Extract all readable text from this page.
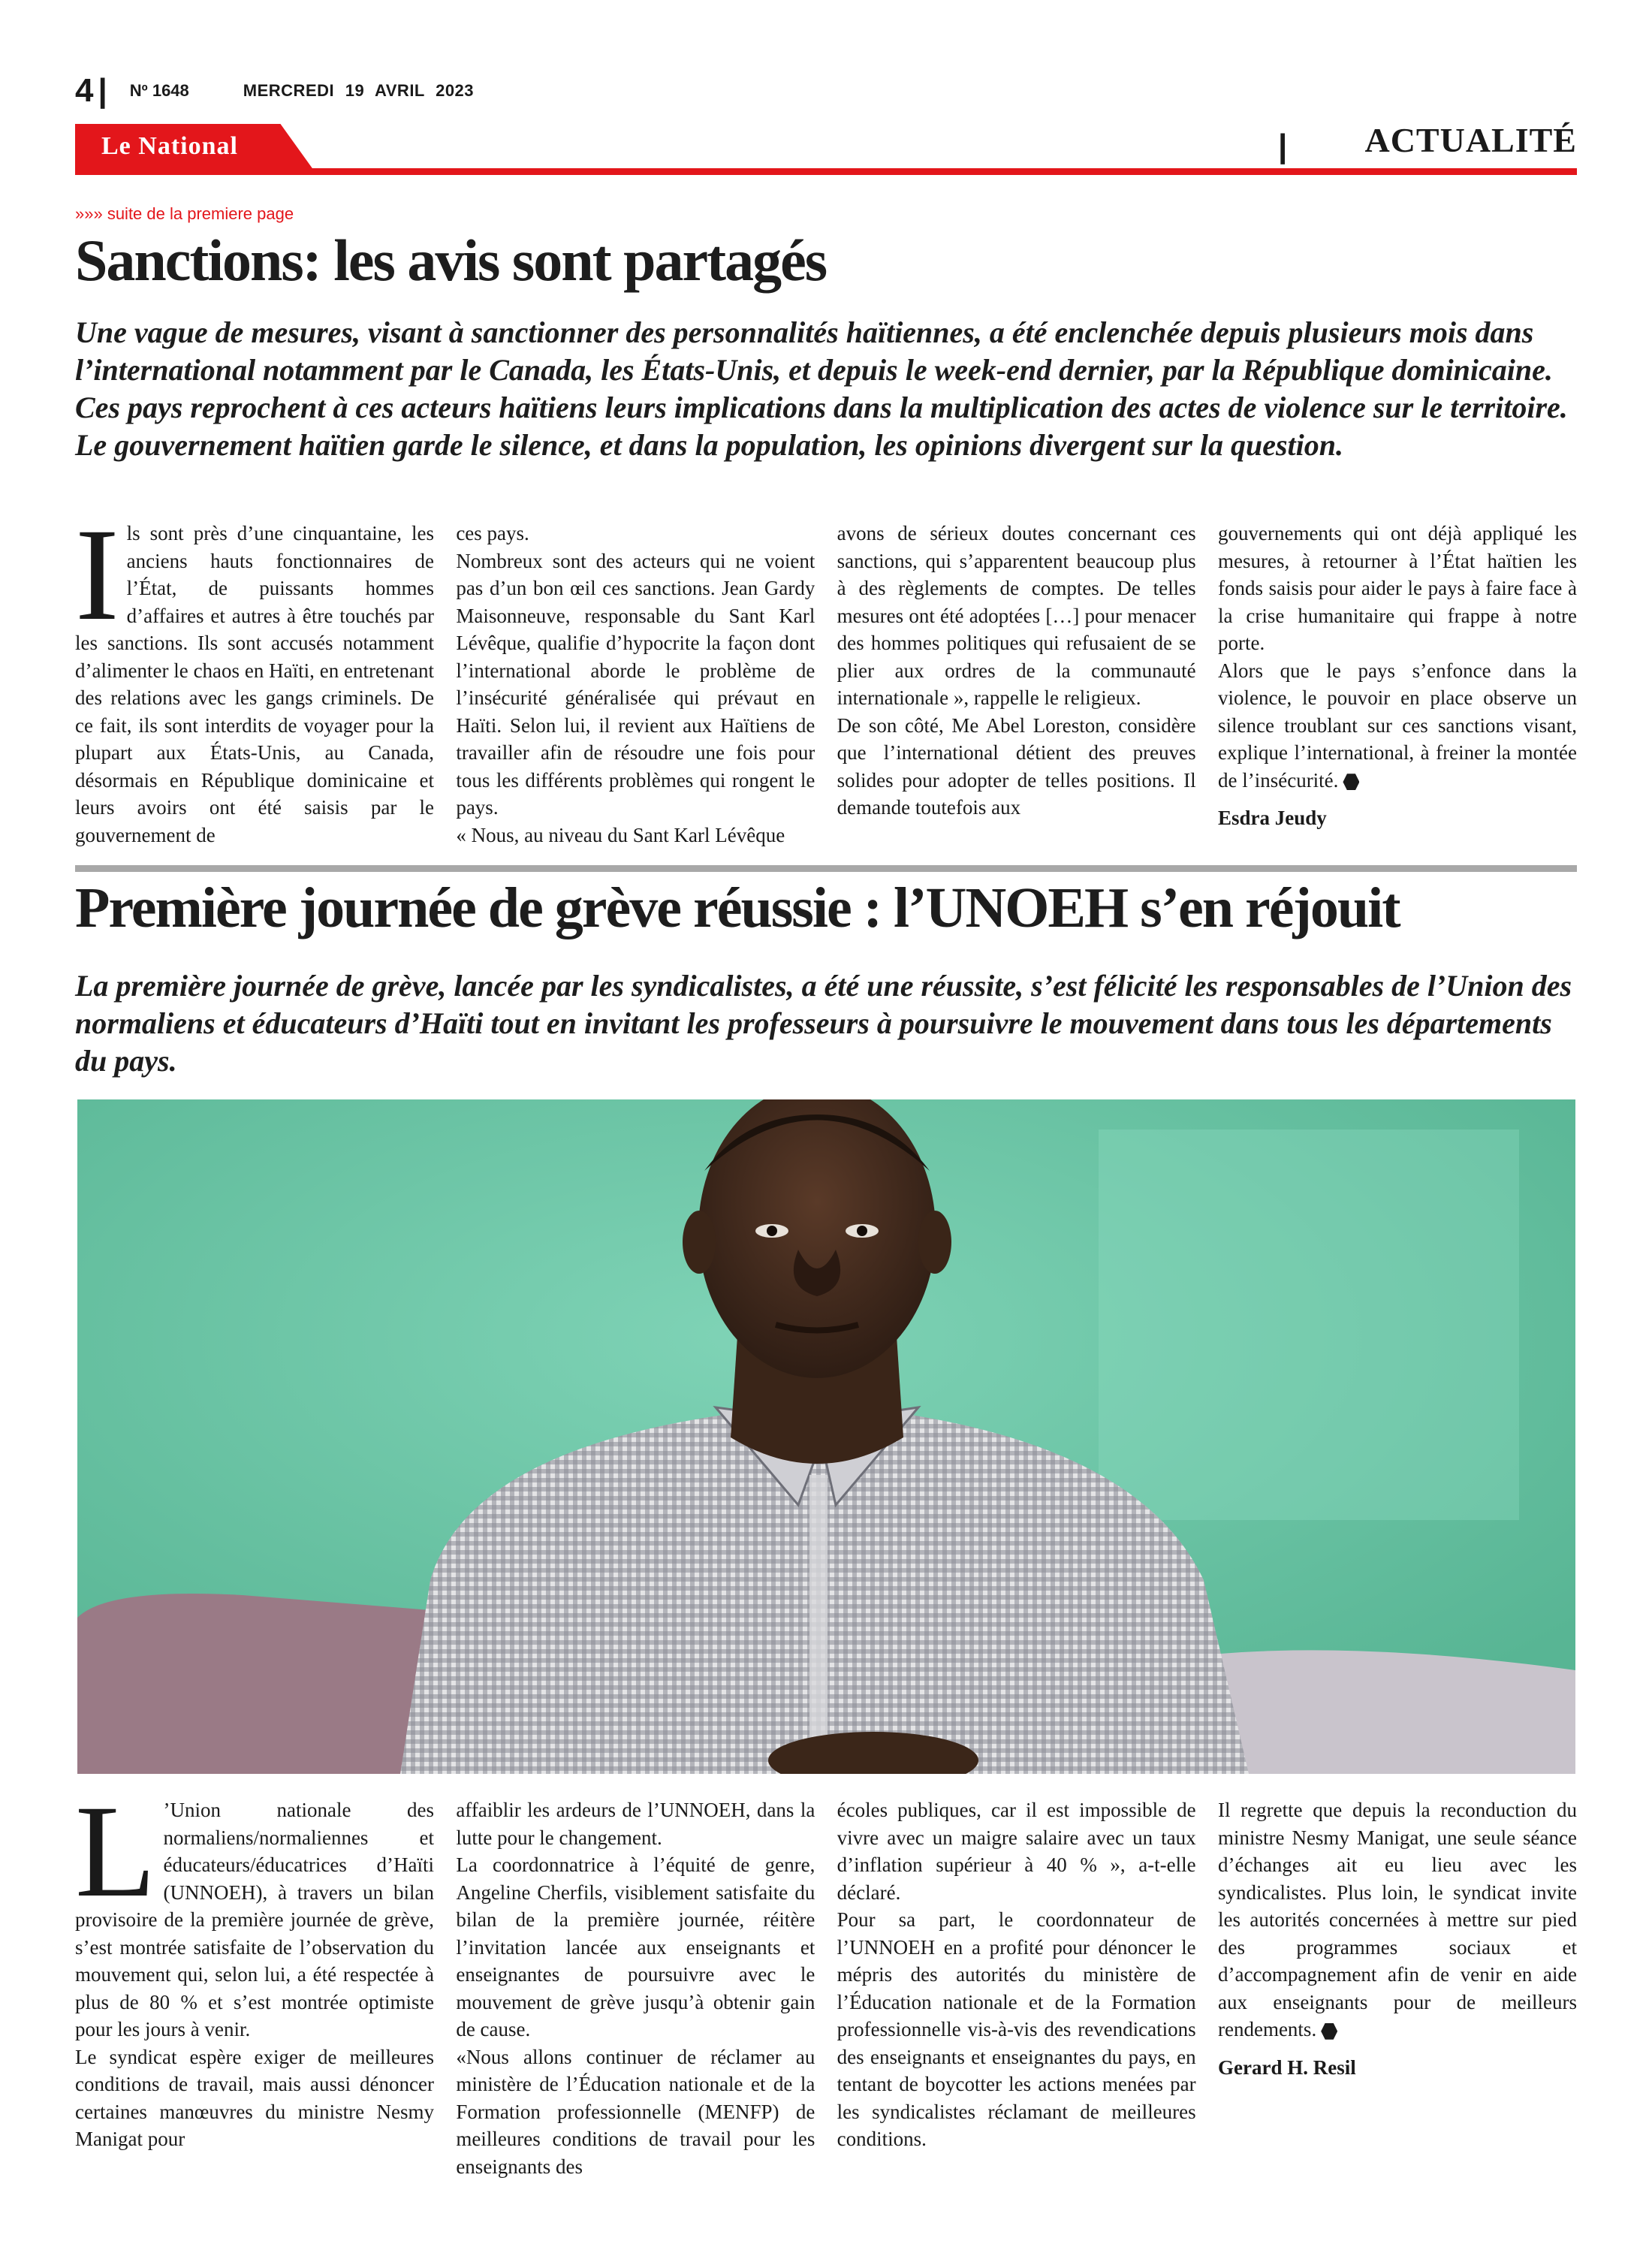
4 | Nº 1648	MERCREDI 19 AVRIL 2023
Le National	| ACTUALITÉ
»»» suite de la premiere page
Sanctions: les avis sont partagés
Une vague de mesures, visant à sanctionner des personnalités haïtiennes, a été enclenchée depuis plusieurs mois dans l’international notamment par le Canada, les États-Unis, et depuis le week-end dernier, par la République dominicaine. Ces pays reprochent à ces acteurs haïtiens leurs implications dans la multiplication des actes de violence sur le territoire. Le gouvernement haïtien garde le silence, et dans la population, les opinions divergent sur la question.

Ils sont près d’une cinquantaine, les anciens hauts fonctionnaires de l’État, de puissants hommes d’affaires et autres à être touchés par les sanctions. Ils sont accusés notamment d’alimenter le chaos en Haïti, en entretenant des relations avec les gangs criminels. De ce fait, ils sont interdits de voyager pour la plupart aux États-Unis, au Canada, désormais en République dominicaine et leurs avoirs ont été saisis par le gouvernement de

ces pays.

Nombreux sont des acteurs qui ne voient pas d’un bon œil ces sanctions. Jean Gardy Maisonneuve, responsable du Sant Karl Lévêque, qualifie d’hypocrite la façon dont l’international aborde le problème de l’insécurité généralisée qui prévaut en Haïti. Selon lui, il revient aux Haïtiens de travailler afin de résoudre une fois pour tous les différents problèmes qui rongent le pays.

« Nous, au niveau du Sant Karl Lévêque

avons de sérieux doutes concernant ces sanctions, qui s’apparentent beaucoup plus à des règlements de comptes. De telles mesures ont été adoptées […] pour menacer des hommes politiques qui refusaient de se plier aux ordres de la communauté internationale », rappelle le religieux.

De son côté, Me Abel Loreston, considère que l’international détient des preuves solides pour adopter de telles positions. Il demande toutefois aux

gouvernements qui ont déjà appliqué les mesures, à retourner à l’État haïtien les fonds saisis pour aider le pays à faire face à la crise humanitaire qui frappe à notre porte.

Alors que le pays s’enfonce dans la violence, le pouvoir en place observe un silence troublant sur ces sanctions visant, explique l’international, à freiner la montée de l’insécurité.

Esdra Jeudy

Première journée de grève réussie : l’UNOEH s’en réjouit
La première journée de grève, lancée par les syndicalistes, a été une réussite, s’est félicité les responsables de l’Union des normaliens et éducateurs d’Haïti tout en invitant les professeurs à poursuivre le mouvement dans tous les départements du pays.

L ’Union nationale des normaliens/normaliennes et éducateurs/éducatrices d’Haïti (UNNOEH), à travers un bilan provisoire de la première journée de grève, s’est montrée satisfaite de l’observation du mouvement qui, selon lui, a été respectée à plus de 80 % et s’est montrée optimiste pour les jours à venir.

Le syndicat espère exiger de meilleures conditions de travail, mais aussi dénoncer certaines manœuvres du ministre Nesmy Manigat pour

affaiblir les ardeurs de l’UNNOEH, dans la lutte pour le changement.

La coordonnatrice à l’équité de genre, Angeline Cherfils, visiblement satisfaite du bilan de la première journée, réitère l’invitation lancée aux enseignants et enseignantes de poursuivre avec le mouvement de grève jusqu’à obtenir gain de cause.

«Nous allons continuer de réclamer au ministère de l’Éducation nationale et de la Formation professionnelle (MENFP) de meilleures conditions de travail pour les enseignants des

écoles publiques, car il est impossible de vivre avec un maigre salaire avec un taux d’inflation supérieur à 40 % », a-t-elle déclaré.

Pour sa part, le coordonnateur de l’UNNOEH en a profité pour dénoncer le mépris des autorités du ministère de l’Éducation nationale et de la Formation professionnelle vis-à-vis des revendications des enseignants et enseignantes du pays, en tentant de boycotter les actions menées par les syndicalistes réclamant de meilleures conditions.

Il regrette que depuis la reconduction du ministre Nesmy Manigat, une seule séance d’échanges ait eu lieu avec les syndicalistes. Plus loin, le syndicat invite les autorités concernées à mettre sur pied des programmes sociaux et d’accompagnement afin de venir en aide aux enseignants pour de meilleurs rendements.

Gerard H. Resil
